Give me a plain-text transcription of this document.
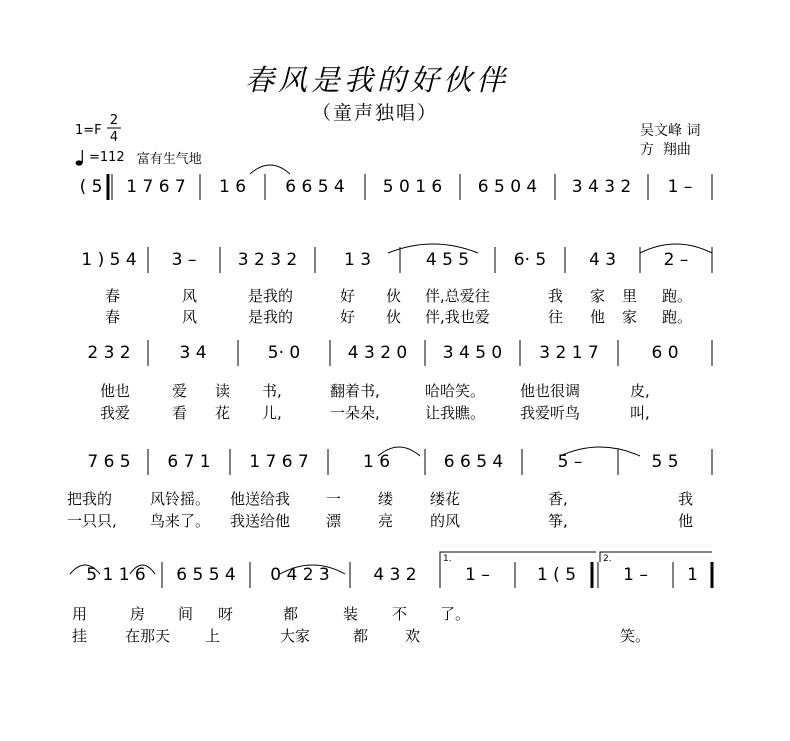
春风是我的好伙伴
（童声独唱）
1=F
2
4
=112 富有生气地
吴文峰 词
方  翔曲
( 5 1 7 6 7 1 6 6 6 5 4 5 0 1 6 6 5 0 4 3 4 3 2 1 –
1 ) 5 4 3 – 3 2 3 2	1 3	4 5 5	6· 5	4 3	2 –
2 3 2	3 4	5· 0	4 3 2 0 3 4 5 0 3 2 1 7	6 0
7 6 5 6 7 1 1 7 6 7	1 6	6 6 5 4	5 –	5 5
5 1 1 6 6 5 5 4 0 4 2 3	4 3 2	1 –	1 ( 5	1 – 1
1.	2.
春	风	是我的	好 伙 伴,总爱往	我 家 里 跑。
春	风	是我的	好 伙 伴,我也爱	往 他 家 跑。
他也	爱 读 书,	翻着书,	哈哈笑。 他也很调	皮,
我爱	看 花 儿,	一朵朵,	让我瞧。 我爱听鸟	叫,
把我的	风铃摇。 他送给我 一 缕 缕花	香,	我
一只只, 鸟来了。 我送给他 漂 亮 的风	筝,	他
用	房 间 呀	都	装 不 了。
挂	在那天 上	大家	都 欢	笑。
